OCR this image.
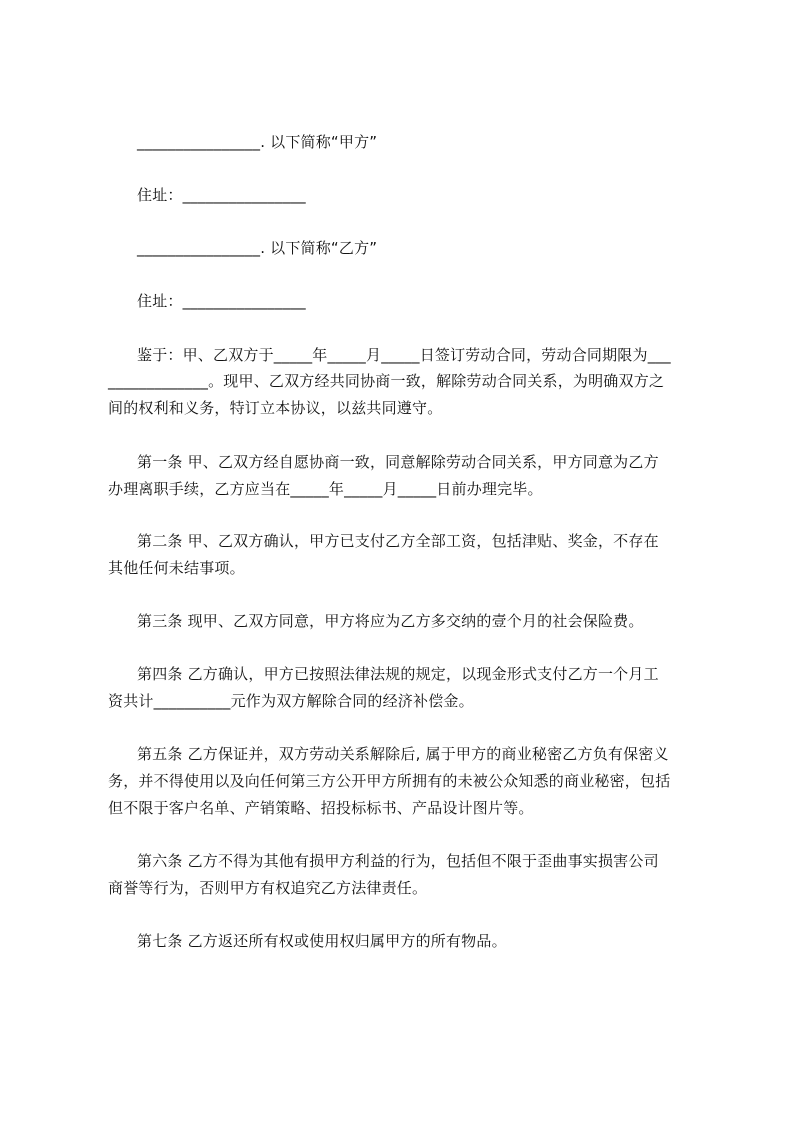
________________. 以下简称“甲方”
住址：________________
________________. 以下简称“乙方”
住址：________________
鉴于：甲、乙双方于_____年_____月_____日签订劳动合同，劳动合同期限为___
_____________。现甲、乙双方经共同协商一致，解除劳动合同关系，为明确双方之
间的权利和义务，特订立本协议，以兹共同遵守。
第一条 甲、乙双方经自愿协商一致，同意解除劳动合同关系，甲方同意为乙方
办理离职手续，乙方应当在_____年_____月_____日前办理完毕。
第二条 甲、乙双方确认，甲方已支付乙方全部工资，包括津贴、奖金，不存在
其他任何未结事项。
第三条 现甲、乙双方同意，甲方将应为乙方多交纳的壹个月的社会保险费。
第四条 乙方确认，甲方已按照法律法规的规定，以现金形式支付乙方一个月工
资共计__________元作为双方解除合同的经济补偿金。
第五条 乙方保证并，双方劳动关系解除后, 属于甲方的商业秘密乙方负有保密义
务，并不得使用以及向任何第三方公开甲方所拥有的未被公众知悉的商业秘密，包括
但不限于客户名单、产销策略、招投标标书、产品设计图片等。
第六条 乙方不得为其他有损甲方利益的行为，包括但不限于歪曲事实损害公司
商誉等行为，否则甲方有权追究乙方法律责任。
第七条 乙方返还所有权或使用权归属甲方的所有物品。
